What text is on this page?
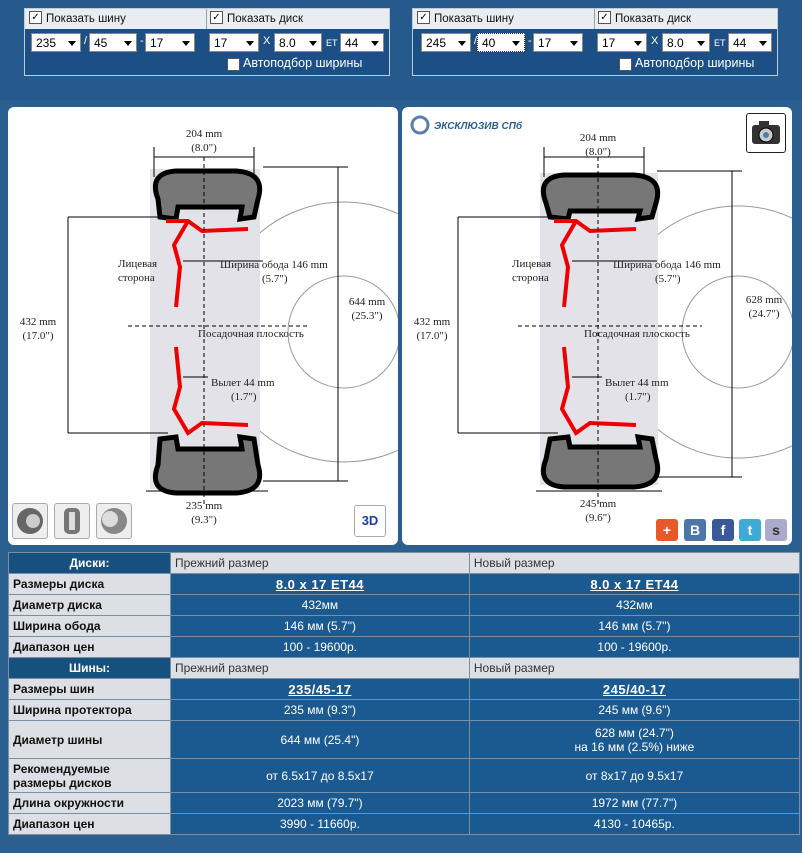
✓ Показать шину	✓ Показать диск
235	/ 45	- 17	17	X 8.0	ET 44
Автоподбор ширины
✓ Показать шину	✓ Показать диск
245	/ 40	- 17	17	X 8.0	ET 44
Автоподбор ширины
204 mm
(8.0")
Лицевая
сторона
Ширина обода 146 mm
(5.7")
432 mm
(17.0")
644 mm
(25.3")
Посадочная плоскость
Вылет 44 mm
(1.7")
235 mm
(9.3")	3D
ЭКСКЛЮЗИВ СПб
204 mm
(8.0")
Лицевая
сторона
Ширина обода 146 mm
(5.7")
432 mm
(17.0")
628 mm
(24.7")
Посадочная плоскость
Вылет 44 mm
(1.7")
245 mm
(9.6")
+	B	f	t	s
Диски:	Прежний размер	Новый размер
Размеры диска	8.0 x 17 ET44	8.0 x 17 ET44
Диаметр диска	432мм	432мм
Ширина обода	146 мм (5.7")	146 мм (5.7")
Диапазон цен	100 - 19600р.	100 - 19600р.
Шины:	Прежний размер	Новый размер
Размеры шин	235/45-17	245/40-17
Ширина протектора	235 мм (9.3")	245 мм (9.6")
Диаметр шины	644 мм (25.4")	628 мм (24.7")
на 16 мм (2.5%) ниже

Рекомендуемые размеры дисков	от 6.5x17 до 8.5x17	от 8x17 до 9.5x17
Длина окружности	2023 мм (79.7")	1972 мм (77.7")
Диапазон цен	3990 - 11660р.	4130 - 10465р.
